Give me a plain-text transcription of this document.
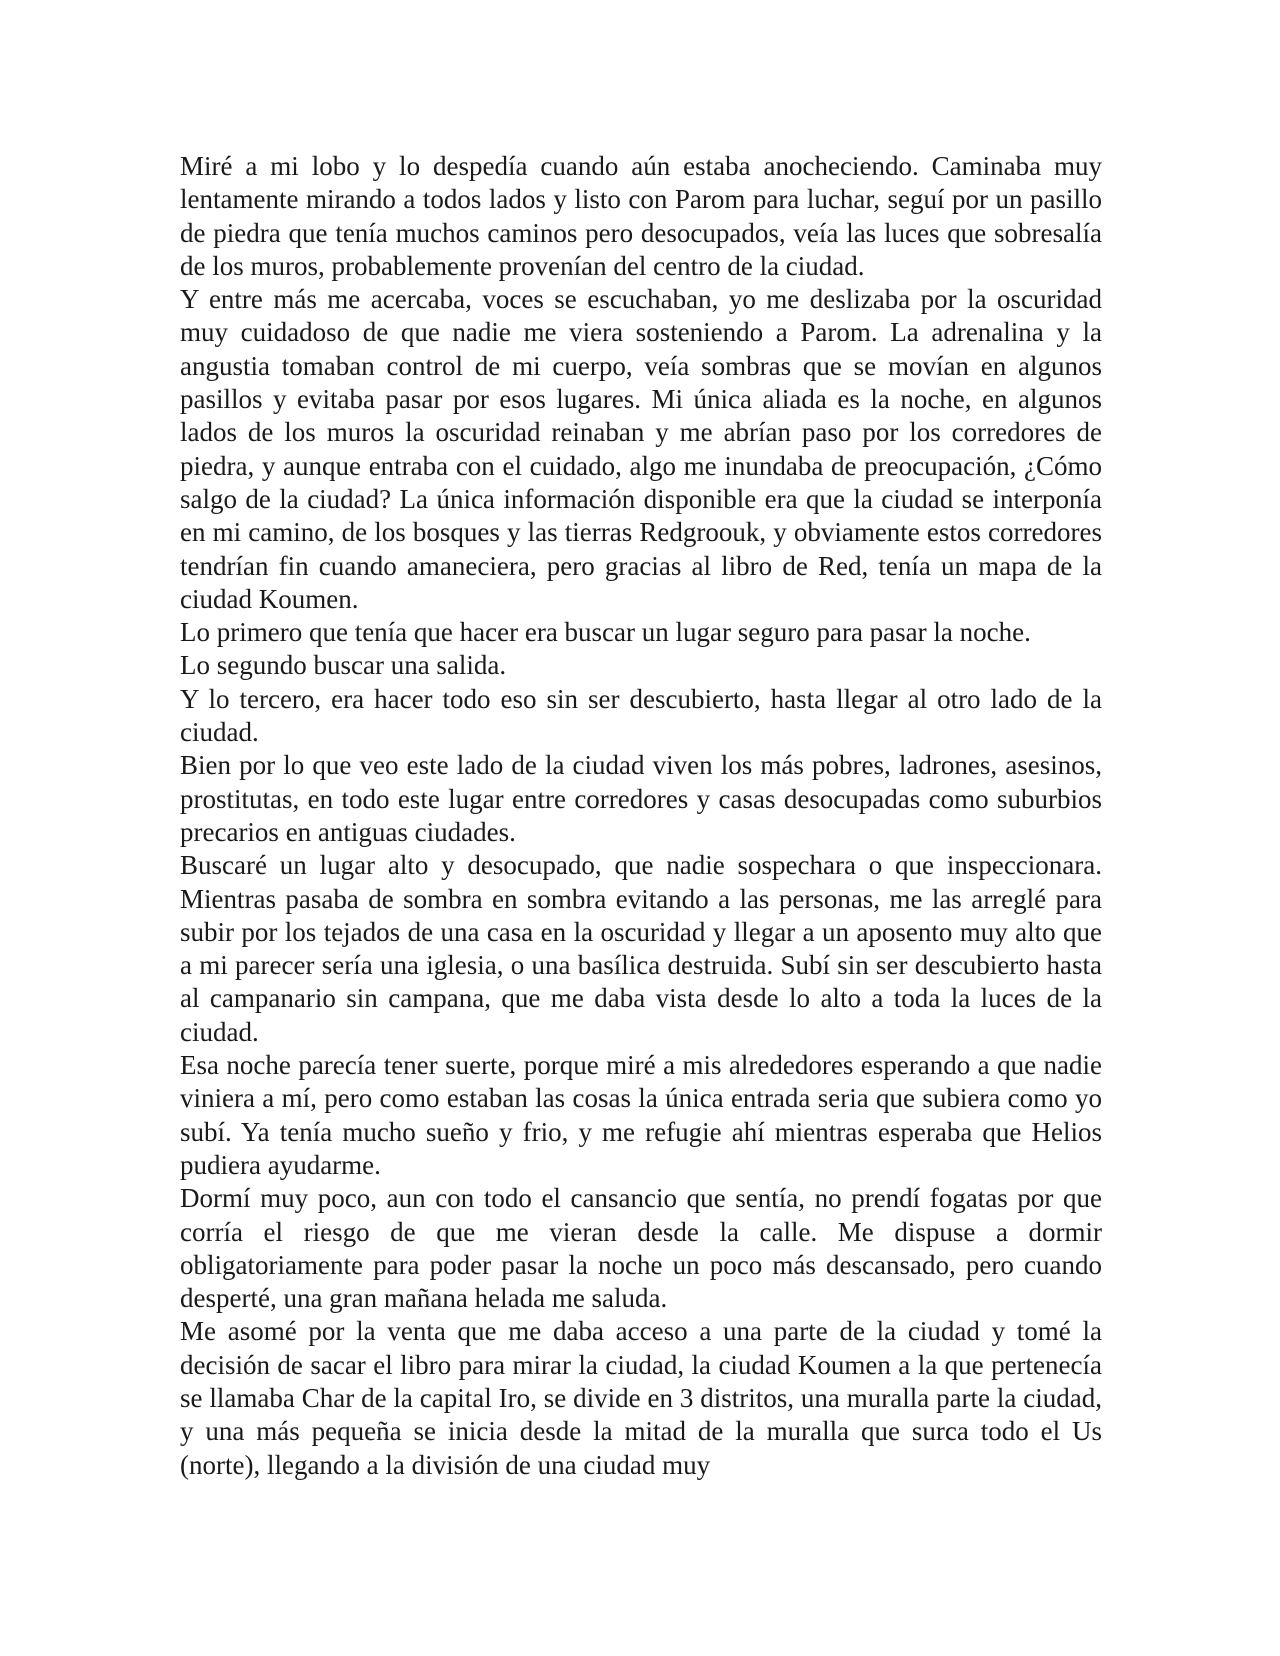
Miré a mi lobo y lo despedía cuando aún estaba anocheciendo. Caminaba muy lentamente mirando a todos lados y listo con Parom para luchar, seguí por un pasillo de piedra que tenía muchos caminos pero desocupados, veía las luces que sobresalía de los muros, probablemente provenían del centro de la ciudad.

Y entre más me acercaba, voces se escuchaban, yo me deslizaba por la oscuridad muy cuidadoso de que nadie me viera sosteniendo a Parom. La adrenalina y la angustia tomaban control de mi cuerpo, veía sombras que se movían en algunos pasillos y evitaba pasar por esos lugares. Mi única aliada es la noche, en algunos lados de los muros la oscuridad reinaban y me abrían paso por los corredores de piedra, y aunque entraba con el cuidado, algo me inundaba de preocupación, ¿Cómo salgo de la ciudad? La única información disponible era que la ciudad se interponía en mi camino, de los bosques y las tierras Redgroouk, y obviamente estos corredores tendrían fin cuando amaneciera, pero gracias al libro de Red, tenía un mapa de la ciudad Koumen.

Lo primero que tenía que hacer era buscar un lugar seguro para pasar la noche.

Lo segundo buscar una salida.

Y lo tercero, era hacer todo eso sin ser descubierto, hasta llegar al otro lado de la ciudad.

Bien por lo que veo este lado de la ciudad viven los más pobres, ladrones, asesinos, prostitutas, en todo este lugar entre corredores y casas desocupadas como suburbios precarios en antiguas ciudades.

Buscaré un lugar alto y desocupado, que nadie sospechara o que inspeccionara. Mientras pasaba de sombra en sombra evitando a las personas, me las arreglé para subir por los tejados de una casa en la oscuridad y llegar a un aposento muy alto que a mi parecer sería una iglesia, o una basílica destruida. Subí sin ser descubierto hasta al campanario sin campana, que me daba vista desde lo alto a toda la luces de la ciudad.

Esa noche parecía tener suerte, porque miré a mis alrededores esperando a que nadie viniera a mí, pero como estaban las cosas la única entrada seria que subiera como yo subí. Ya tenía mucho sueño y frio, y me refugie ahí mientras esperaba que Helios pudiera ayudarme.

Dormí muy poco, aun con todo el cansancio que sentía, no prendí fogatas por que corría el riesgo de que me vieran desde la calle. Me dispuse a dormir obligatoriamente para poder pasar la noche un poco más descansado, pero cuando desperté, una gran mañana helada me saluda.

Me asomé por la venta que me daba acceso a una parte de la ciudad y tomé la decisión de sacar el libro para mirar la ciudad, la ciudad Koumen a la que pertenecía se llamaba Char de la capital Iro, se divide en 3 distritos, una muralla parte la ciudad, y una más pequeña se inicia desde la mitad de la muralla que surca todo el Us (norte), llegando a la división de una ciudad muy
